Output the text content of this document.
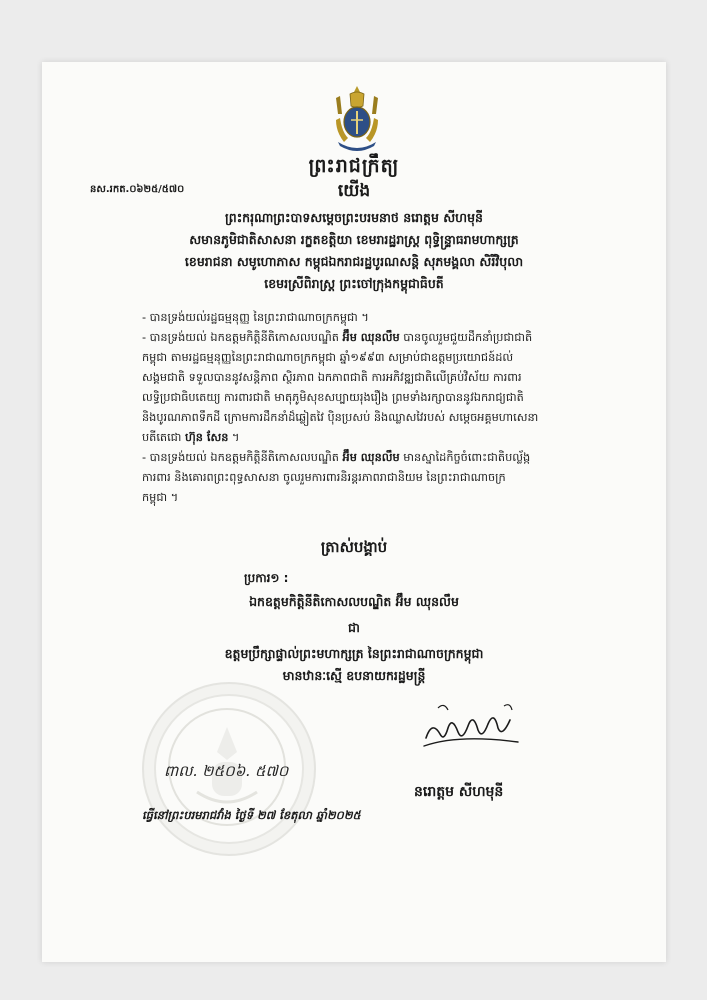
នស.រកត.០៦២៥/៥៧០
ព្រះរាជក្រឹត្យ
យើង
ព្រះករុណាព្រះបាទសម្តេចព្រះបរមនាថ នរោត្តម សីហមុនី
សមានភូមិជាតិសាសនា រក្ខតខត្តិយា ខេមរារដ្ឋរាស្ត្រ ពុទ្ធិន្ទ្រាធរាមហាក្សត្រ
ខេមរាជនា សមូហោភាស កម្ពុជឯករាជរដ្ឋបូរណសន្តិ សុភមង្គលា សិរីវិបុលា
ខេមរស្រីពិរាស្ត្រ ព្រះចៅក្រុងកម្ពុជាធិបតី
- បានទ្រង់យល់រដ្ឋធម្មនុញ្ញ នៃព្រះរាជាណាចក្រកម្ពុជា ។
- បានទ្រង់យល់ ឯកឧត្តមកិត្តិនីតិកោសលបណ្ឌិត អ៊ឹម ឈុនលឹម បានចូលរួមជួយដឹកនាំប្រជាជាតិ
កម្ពុជា តាមរដ្ឋធម្មនុញ្ញនៃព្រះរាជាណាចក្រកម្ពុជា ឆ្នាំ១៩៩៣ សម្រាប់ជាឧត្តមប្រយោជន៍ដល់
សង្គមជាតិ ទទួលបាននូវសន្តិភាព ស្ថិរភាព ឯកភាពជាតិ ការអភិវឌ្ឍជាតិលើគ្រប់វិស័យ ការពារ
លទ្ធិប្រជាធិបតេយ្យ ការពារជាតិ មាតុភូមិសុខសប្បាយរុងរឿង ព្រមទាំងរក្សាបាននូវឯករាជ្យជាតិ
និងបូរណភាពទឹកដី ក្រោមការដឹកនាំដ៏ឆ្លៀតវៃ ប៉ិនប្រសប់ និងឈ្លាសវៃរបស់ សម្តេចអគ្គមហាសេនា
បតីតេជោ ហ៊ុន សែន ។
- បានទ្រង់យល់ ឯកឧត្តមកិត្តិនីតិកោសលបណ្ឌិត អ៊ឹម ឈុនលឹម មានស្នាដៃកិច្ចចំពោះជាតិបល្ល័ង្ក
ការពារ និងគោរពព្រះពុទ្ធសាសនា ចូលរួមការពារនិរន្តរភាពរាជានិយម នៃព្រះរាជាណាចក្រ
កម្ពុជា ។
ត្រាស់បង្គាប់
ប្រការ១ :
ឯកឧត្តមកិត្តិនីតិកោសលបណ្ឌិត អ៊ឹម ឈុនលឹម
ជា
ឧត្តមប្រឹក្សាផ្ទាល់ព្រះមហាក្សត្រ នៃព្រះរាជាណាចក្រកម្ពុជា
មានឋានៈស្មើ ឧបនាយករដ្ឋមន្ត្រី
ពាល. ២៥០៦. ៥៧០
នរោត្តម សីហមុនី
ធ្វើនៅព្រះបរមរាជវាំង ថ្ងៃទី ២៧ ខែតុលា ឆ្នាំ២០២៥
